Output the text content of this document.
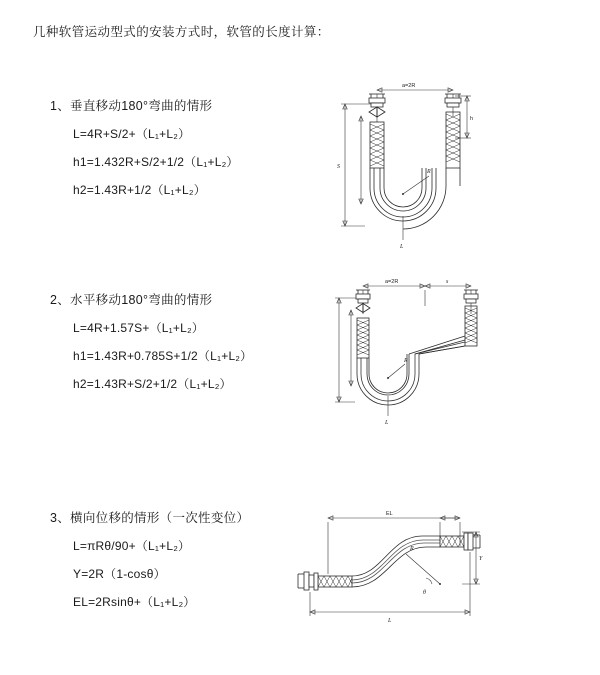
几种软管运动型式的安装方式时，软管的长度计算：
1、垂直移动180°弯曲的情形
L=4R+S/2+（L₁+L₂）
h1=1.432R+S/2+1/2（L₁+L₂）
h2=1.43R+1/2（L₁+L₂）
a=2R
h
S
R
L
2、水平移动180°弯曲的情形
L=4R+1.57S+（L₁+L₂）
h1=1.43R+0.785S+1/2（L₁+L₂）
h2=1.43R+S/2+1/2（L₁+L₂）
a=2R	s
R
L
3、横向位移的情形（一次性变位）
L=πRθ/90+（L₁+L₂）
Y=2R（1-cosθ）
EL=2Rsinθ+（L₁+L₂）
EL
Y
R
θ
L
